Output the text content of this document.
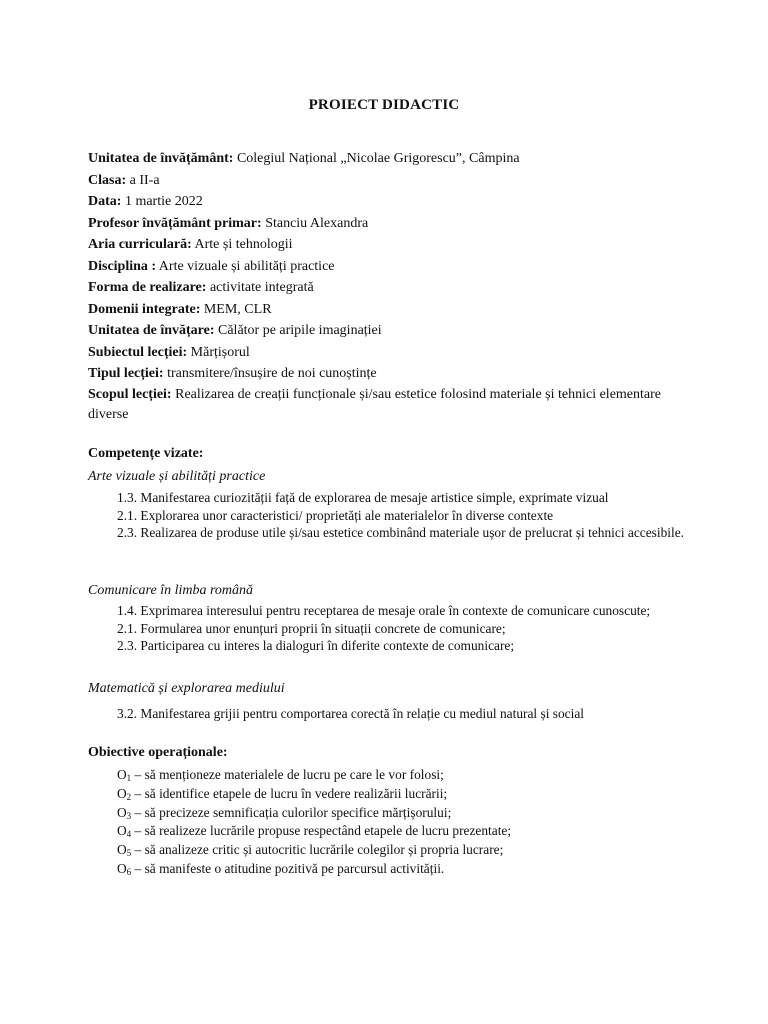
PROIECT DIDACTIC
Unitatea de învățământ: Colegiul Național „Nicolae Grigorescu”, Câmpina
Clasa: a II-a
Data: 1 martie 2022
Profesor învățământ primar: Stanciu Alexandra
Aria curriculară: Arte și tehnologii
Disciplina : Arte vizuale și abilități practice
Forma de realizare: activitate integrată
Domenii integrate: MEM, CLR
Unitatea de învățare: Călător pe aripile imaginației
Subiectul lecției: Mărțișorul
Tipul lecției: transmitere/însușire de noi cunoștințe
Scopul lecției: Realizarea de creații funcționale și/sau estetice folosind materiale și tehnici elementare diverse
Competențe vizate:
Arte vizuale și abilități practice
1.3. Manifestarea curiozității față de explorarea de mesaje artistice simple, exprimate vizual
2.1. Explorarea unor caracteristici/ proprietăți ale materialelor în diverse contexte
2.3. Realizarea de produse utile și/sau estetice combinând materiale ușor de prelucrat și tehnici accesibile.
Comunicare în limba română
1.4. Exprimarea interesului pentru receptarea de mesaje orale în contexte de comunicare cunoscute;
2.1. Formularea unor enunțuri proprii în situații concrete de comunicare;
2.3. Participarea cu interes la dialoguri în diferite contexte de comunicare;
Matematică și explorarea mediului
3.2. Manifestarea grijii pentru comportarea corectă în relație cu mediul natural și social
Obiective operaționale:
$O_1$ – să menționeze materialele de lucru pe care le vor folosi;
$O_2$ – să identifice etapele de lucru în vedere realizării lucrării;
$O_3$ – să precizeze semnificația culorilor specifice mărțișorului;
$O_4$ – să realizeze lucrările propuse respectând etapele de lucru prezentate;
$O_5$ – să analizeze critic și autocritic lucrările colegilor și propria lucrare;
$O_6$ – să manifeste o atitudine pozitivă pe parcursul activității.
